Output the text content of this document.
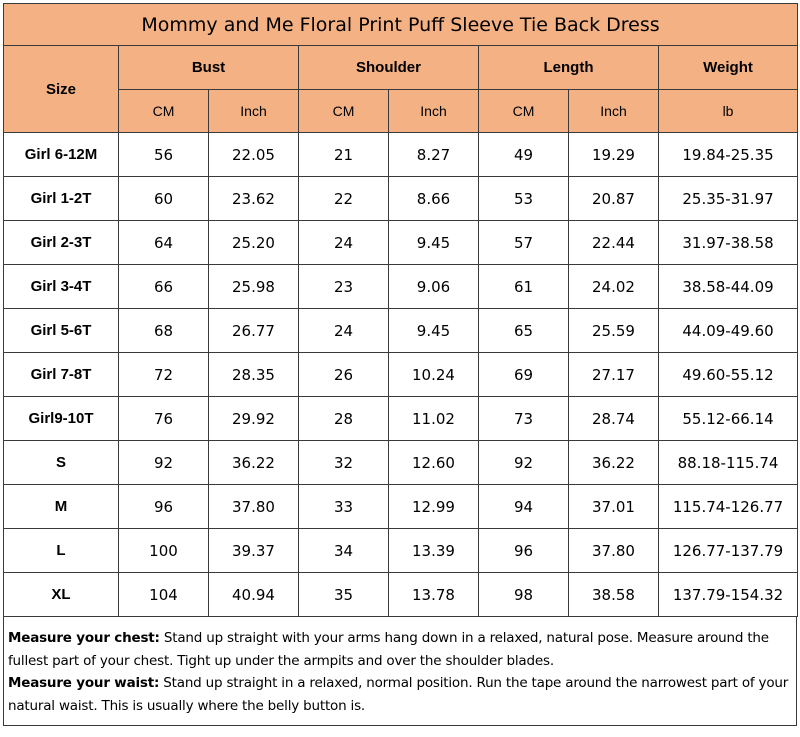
Mommy and Me Floral Print Puff Sleeve Tie Back Dress							
Size	Bust		Shoulder		Length		Weight
	CM	Inch	CM	Inch	CM	Inch	lb
Girl 6-12M	56	22.05	21	8.27	49	19.29	19.84-25.35
Girl 1-2T	60	23.62	22	8.66	53	20.87	25.35-31.97
Girl 2-3T	64	25.20	24	9.45	57	22.44	31.97-38.58
Girl 3-4T	66	25.98	23	9.06	61	24.02	38.58-44.09
Girl 5-6T	68	26.77	24	9.45	65	25.59	44.09-49.60
Girl 7-8T	72	28.35	26	10.24	69	27.17	49.60-55.12
Girl9-10T	76	29.92	28	11.02	73	28.74	55.12-66.14
S	92	36.22	32	12.60	92	36.22	88.18-115.74
M	96	37.80	33	12.99	94	37.01	115.74-126.77
L	100	39.37	34	13.39	96	37.80	126.77-137.79
XL	104	40.94	35	13.78	98	38.58	137.79-154.32

Measure your chest: Stand up straight with your arms hang down in a relaxed, natural pose. Measure around the fullest part of your chest. Tight up under the armpits and over the shoulder blades.

Measure your waist: Stand up straight in a relaxed, normal position. Run the tape around the narrowest part of your natural waist. This is usually where the belly button is.
